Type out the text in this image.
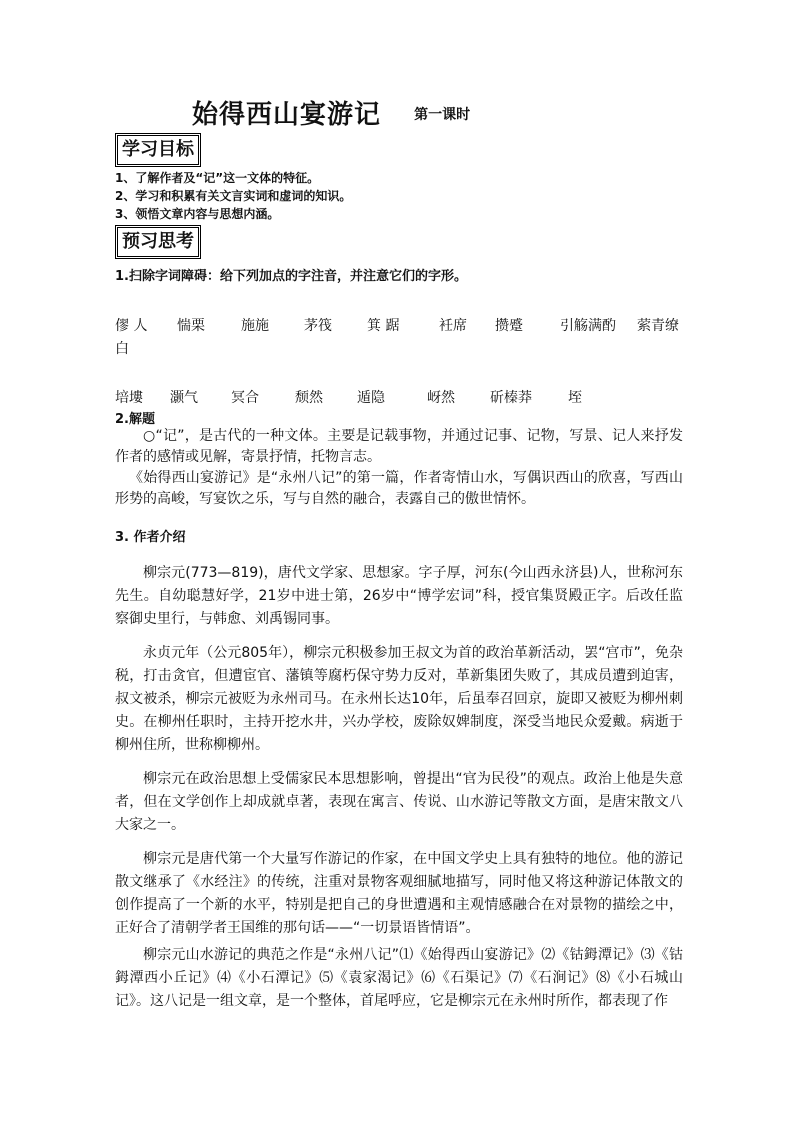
始得西山宴游记 第一课时
学习目标
1、了解作者及“记”这一文体的特征。
2、学习和积累有关文言实词和虚词的知识。
3、领悟文章内容与思想内涵。
预习思考
1.扫除字词障碍：给下列加点的字注音，并注意它们的字形。
僇 人 惴栗	施施	茅筏	箕 踞	衽席 攒蹙	引觞满酌 萦青缭
白
培塿 灏气 冥合	颓然 遁隐	岈然	斫榛莽	垤
2.解题
○“记”，是古代的一种文体。主要是记载事物，并通过记事、记物，写景、记人来抒发作者的感情或见解，寄景抒情，托物言志。
《始得西山宴游记》是“永州八记”的第一篇，作者寄情山水，写偶识西山的欣喜，写西山形势的高峻，写宴饮之乐，写与自然的融合，表露自己的傲世情怀。
3. 作者介绍
柳宗元(773—819)，唐代文学家、思想家。字子厚，河东(今山西永济县)人，世称河东先生。自幼聪慧好学，21岁中进士第，26岁中“博学宏词”科，授官集贤殿正字。后改任监察御史里行，与韩愈、刘禹锡同事。
永贞元年（公元805年），柳宗元积极参加王叔文为首的政治革新活动，罢“宫市”，免杂税，打击贪官，但遭宦官、藩镇等腐朽保守势力反对，革新集团失败了，其成员遭到迫害，叔文被杀，柳宗元被贬为永州司马。在永州长达10年，后虽奉召回京，旋即又被贬为柳州刺史。在柳州任职时，主持开挖水井，兴办学校，废除奴婢制度，深受当地民众爱戴。病逝于柳州住所，世称柳柳州。
柳宗元在政治思想上受儒家民本思想影响，曾提出“官为民役”的观点。政治上他是失意者，但在文学创作上却成就卓著，表现在寓言、传说、山水游记等散文方面，是唐宋散文八大家之一。
柳宗元是唐代第一个大量写作游记的作家，在中国文学史上具有独特的地位。他的游记散文继承了《水经注》的传统，注重对景物客观细腻地描写，同时他又将这种游记体散文的创作提高了一个新的水平，特别是把自己的身世遭遇和主观情感融合在对景物的描绘之中，正好合了清朝学者王国维的那句话——“一切景语皆情语”。
柳宗元山水游记的典范之作是“永州八记”⑴《始得西山宴游记》⑵《钴鉧潭记》⑶《钴鉧潭西小丘记》⑷《小石潭记》⑸《袁家渴记》⑹《石渠记》⑺《石涧记》⑻《小石城山记》。这八记是一组文章，是一个整体，首尾呼应，它是柳宗元在永州时所作，都表现了作
